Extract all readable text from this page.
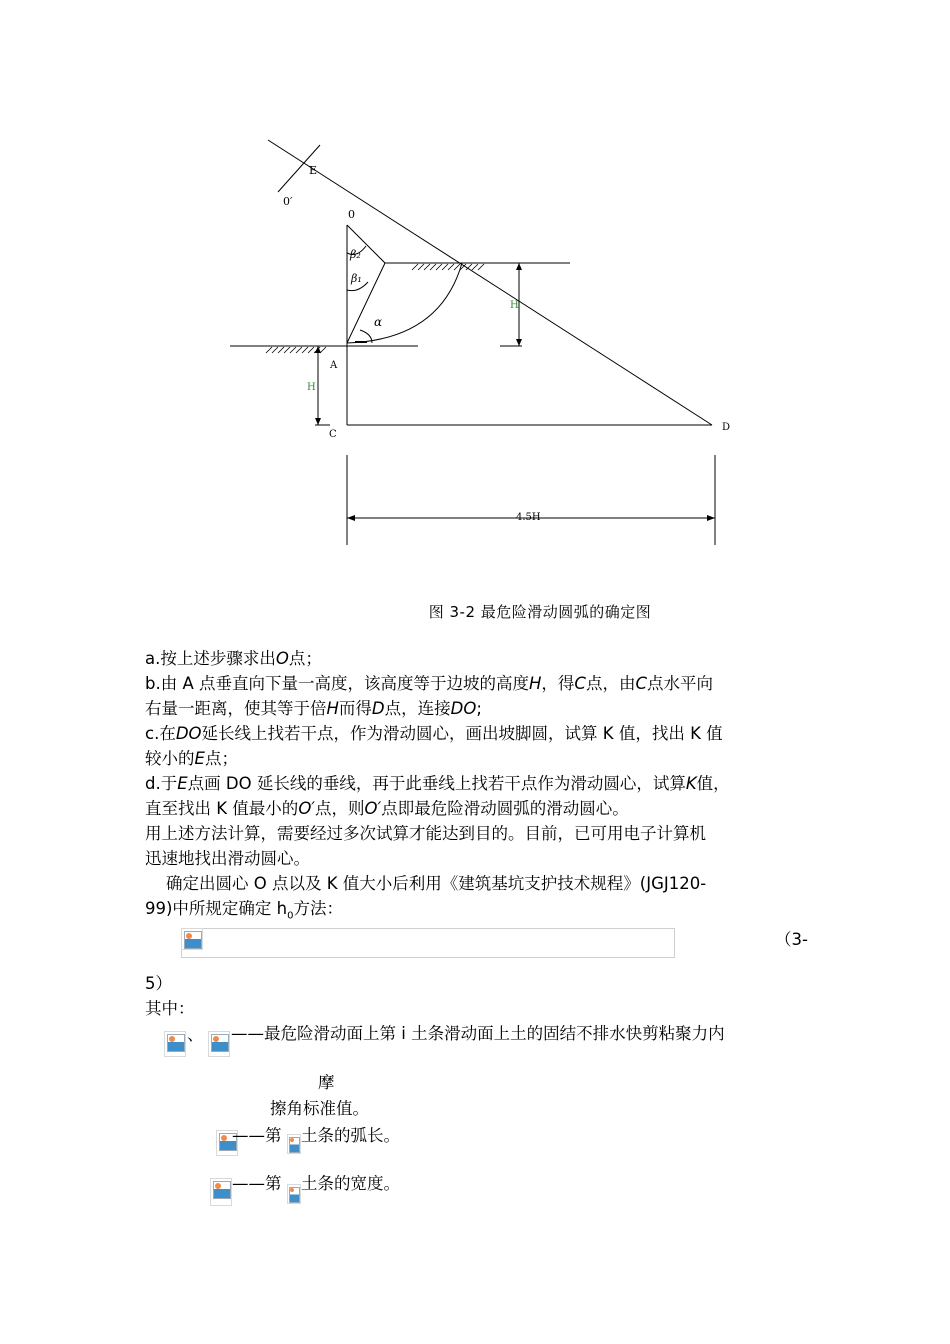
E
0′
0
β₂
β₁
α
A
C
D
H
H
4.5H
图 3-2 最危险滑动圆弧的确定图
a.按上述步骤求出O点；
b.由 A 点垂直向下量一高度，该高度等于边坡的高度H，得C点，由C点水平向
右量一距离，使其等于倍H而得D点，连接DO;
c.在DO延长线上找若干点，作为滑动圆心，画出坡脚圆，试算 K 值，找出 K 值
较小的E点；
d.于E点画 DO 延长线的垂线，再于此垂线上找若干点作为滑动圆心，试算K值，
直至找出 K 值最小的O′点，则O′点即最危险滑动圆弧的滑动圆心。
用上述方法计算，需要经过多次试算才能达到目的。目前，已可用电子计算机
迅速地找出滑动圆心。
确定出圆心 O 点以及 K 值大小后利用《建筑基坑支护技术规程》(JGJ120-
99)中所规定确定 $h_0$方法：
（3-
5）
其中：
、 ——最危险滑动面上第 i 土条滑动面上土的固结不排水快剪粘聚力内
摩
擦角标准值。
——第 土条的弧长。
——第 土条的宽度。
